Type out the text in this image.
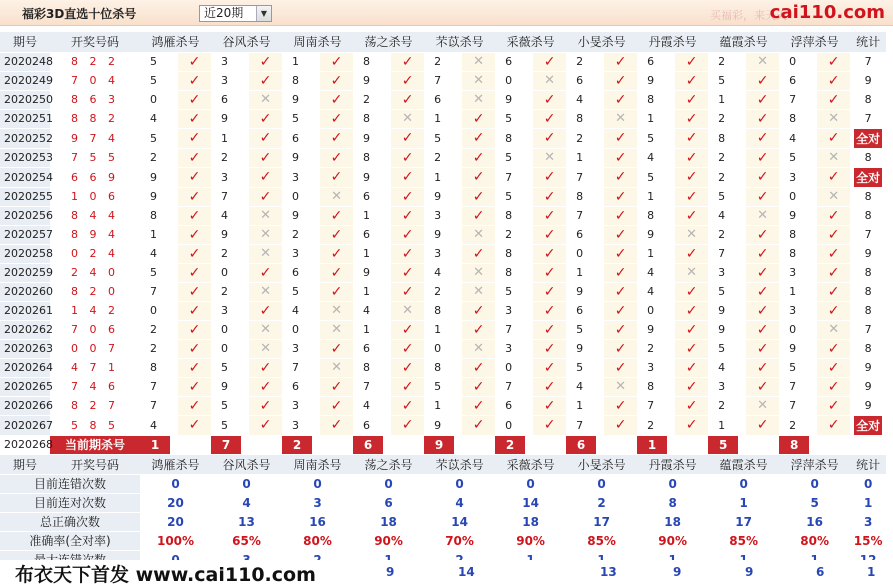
福彩3D直选十位杀号	近20期	▼	买福彩，来天天
cai110.com
期号	开奖号码	鸿雁杀号		谷风杀号		周南杀号		荡之杀号		芣苡杀号		采薇杀号		小旻杀号		丹霞杀号		蕴霞杀号		浮萍杀号		统计
2020248	8 2 2	5	✓	3	✓	1	✓	8	✓	2	✕	6	✓	2	✓	6	✓	2	✕	0	✓	7
2020249	7 0 4	5	✓	3	✓	8	✓	9	✓	7	✕	0	✕	6	✓	9	✓	5	✓	6	✓	9
2020250	8 6 3	0	✓	6	✕	9	✓	2	✓	6	✕	9	✓	4	✓	8	✓	1	✓	7	✓	8
2020251	8 8 2	4	✓	9	✓	5	✓	8	✕	1	✓	5	✓	8	✕	1	✓	2	✓	8	✕	7
2020252	9 7 4	5	✓	1	✓	6	✓	9	✓	5	✓	8	✓	2	✓	5	✓	8	✓	4	✓	全对
2020253	7 5 5	2	✓	2	✓	9	✓	8	✓	2	✓	5	✕	1	✓	4	✓	2	✓	5	✕	8
2020254	6 6 9	9	✓	3	✓	3	✓	9	✓	1	✓	7	✓	7	✓	5	✓	2	✓	3	✓	全对
2020255	1 0 6	9	✓	7	✓	0	✕	6	✓	9	✓	5	✓	8	✓	1	✓	5	✓	0	✕	8
2020256	8 4 4	8	✓	4	✕	9	✓	1	✓	3	✓	8	✓	7	✓	8	✓	4	✕	9	✓	8
2020257	8 9 4	1	✓	9	✕	2	✓	6	✓	9	✕	2	✓	6	✓	9	✕	2	✓	8	✓	7
2020258	0 2 4	4	✓	2	✕	3	✓	1	✓	3	✓	8	✓	0	✓	1	✓	7	✓	8	✓	9
2020259	2 4 0	5	✓	0	✓	6	✓	9	✓	4	✕	8	✓	1	✓	4	✕	3	✓	3	✓	8
2020260	8 2 0	7	✓	2	✕	5	✓	1	✓	2	✕	5	✓	9	✓	4	✓	5	✓	1	✓	8
2020261	1 4 2	0	✓	3	✓	4	✕	4	✕	8	✓	3	✓	6	✓	0	✓	9	✓	3	✓	8
2020262	7 0 6	2	✓	0	✕	0	✕	1	✓	1	✓	7	✓	5	✓	9	✓	9	✓	0	✕	7
2020263	0 0 7	2	✓	0	✕	3	✓	6	✓	0	✕	3	✓	9	✓	2	✓	5	✓	9	✓	8
2020264	4 7 1	8	✓	5	✓	7	✕	8	✓	8	✓	0	✓	5	✓	3	✓	4	✓	5	✓	9
2020265	7 4 6	7	✓	9	✓	6	✓	7	✓	5	✓	7	✓	4	✕	8	✓	3	✓	7	✓	9
2020266	8 2 7	7	✓	5	✓	3	✓	4	✓	1	✓	6	✓	1	✓	7	✓	2	✕	7	✓	9
2020267	5 8 5	4	✓	5	✓	3	✓	6	✓	9	✓	0	✓	7	✓	2	✓	1	✓	2	✓	全对
2020268	当前期杀号	1		7		2		6		9		2		6		1		5		8		
期号	开奖号码	鸿雁杀号		谷风杀号		周南杀号		荡之杀号		芣苡杀号		采薇杀号		小旻杀号		丹霞杀号		蕴霞杀号		浮萍杀号		统计
目前连错次数		0		0		0		0		0		0		0		0		0		0		0
目前连对次数		20		4		3		6		4		14		2		8		1		5		1
总正确次数		20		13		16		18		14		18		17		18		17		16		3
准确率(全对率)		100%		65%		80%		90%		70%		90%		85%		90%		85%		80%		15%

布衣天下首发 www.cai110.com	9	14	13	9	9	6	1
